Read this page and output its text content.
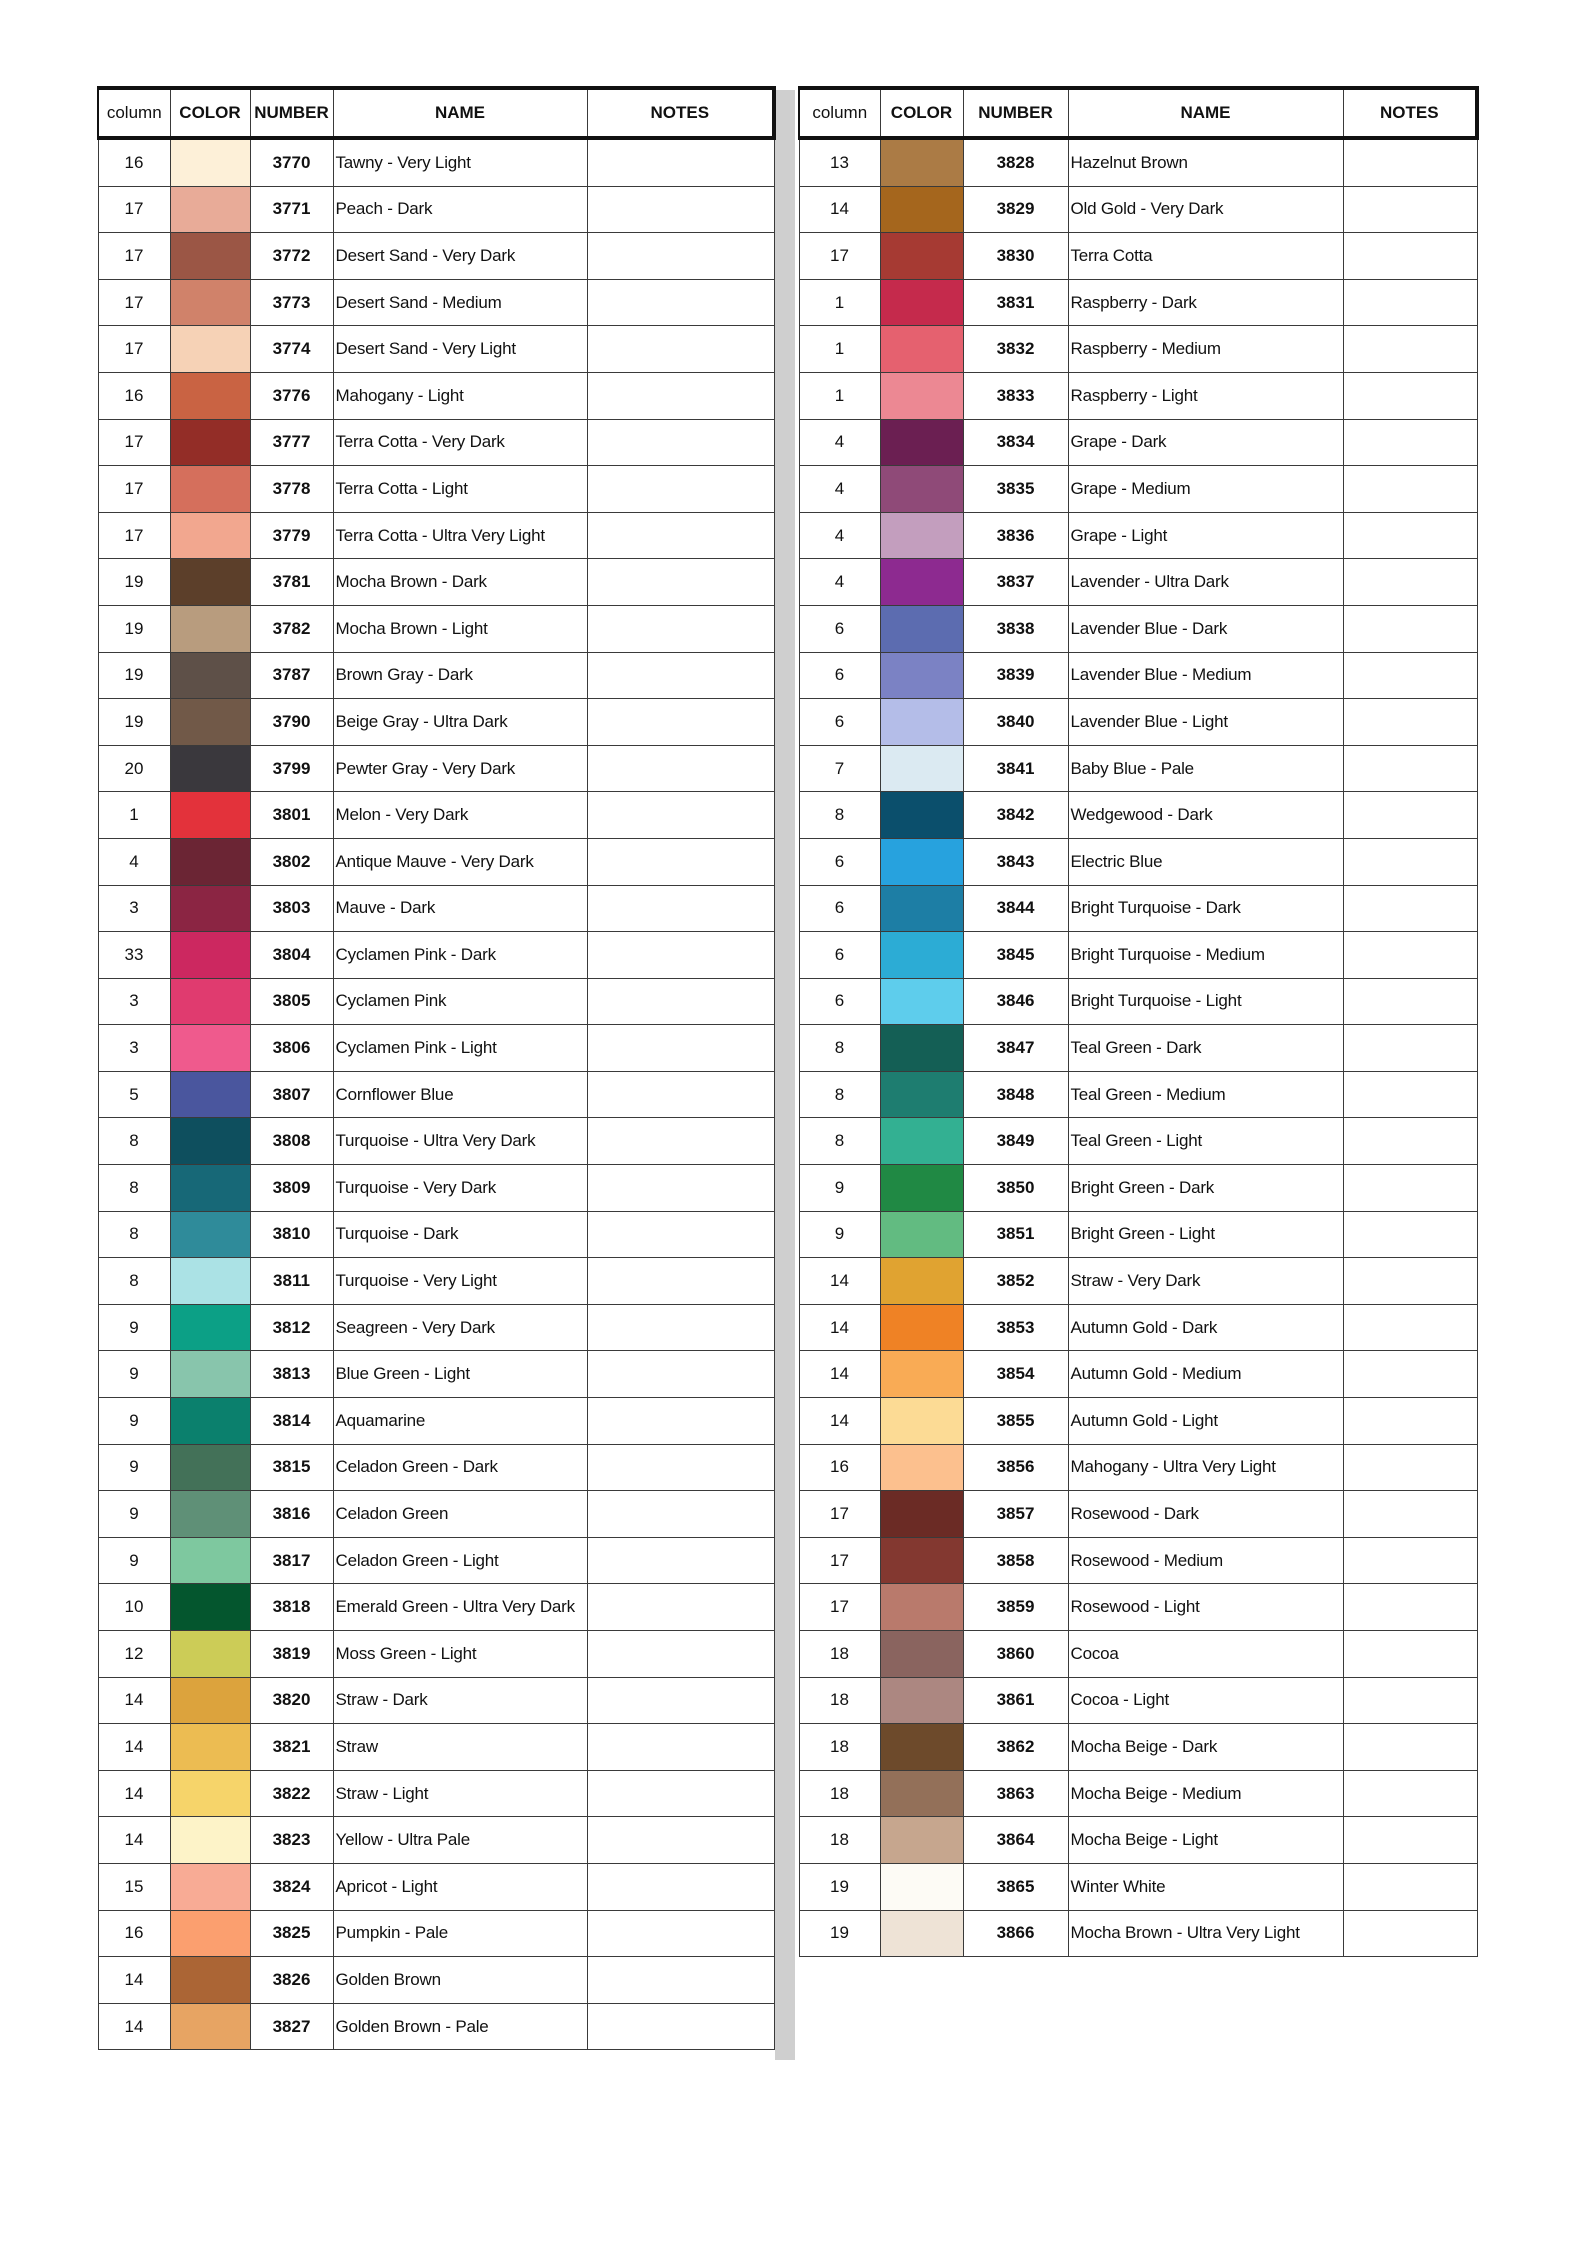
column	COLOR	NUMBER	NAME	NOTES
16		3770	Tawny - Very Light	
17		3771	Peach - Dark	
17		3772	Desert Sand - Very Dark	
17		3773	Desert Sand - Medium	
17		3774	Desert Sand - Very Light	
16		3776	Mahogany - Light	
17		3777	Terra Cotta - Very Dark	
17		3778	Terra Cotta - Light	
17		3779	Terra Cotta - Ultra Very Light	
19		3781	Mocha Brown - Dark	
19		3782	Mocha Brown - Light	
19		3787	Brown Gray - Dark	
19		3790	Beige Gray - Ultra Dark	
20		3799	Pewter Gray - Very Dark	
1		3801	Melon - Very Dark	
4		3802	Antique Mauve - Very Dark	
3		3803	Mauve - Dark	
33		3804	Cyclamen Pink - Dark	
3		3805	Cyclamen Pink	
3		3806	Cyclamen Pink - Light	
5		3807	Cornflower Blue	
8		3808	Turquoise - Ultra Very Dark	
8		3809	Turquoise - Very Dark	
8		3810	Turquoise - Dark	
8		3811	Turquoise - Very Light	
9		3812	Seagreen - Very Dark	
9		3813	Blue Green - Light	
9		3814	Aquamarine	
9		3815	Celadon Green - Dark	
9		3816	Celadon Green	
9		3817	Celadon Green - Light	
10		3818	Emerald Green - Ultra Very Dark	
12		3819	Moss Green - Light	
14		3820	Straw - Dark	
14		3821	Straw	
14		3822	Straw - Light	
14		3823	Yellow - Ultra Pale	
15		3824	Apricot - Light	
16		3825	Pumpkin - Pale	
14		3826	Golden Brown	
14		3827	Golden Brown - Pale	
column	COLOR	NUMBER	NAME	NOTES
13		3828	Hazelnut Brown	
14		3829	Old Gold - Very Dark	
17		3830	Terra Cotta	
1		3831	Raspberry - Dark	
1		3832	Raspberry - Medium	
1		3833	Raspberry - Light	
4		3834	Grape - Dark	
4		3835	Grape - Medium	
4		3836	Grape - Light	
4		3837	Lavender - Ultra Dark	
6		3838	Lavender Blue - Dark	
6		3839	Lavender Blue - Medium	
6		3840	Lavender Blue - Light	
7		3841	Baby Blue - Pale	
8		3842	Wedgewood - Dark	
6		3843	Electric Blue	
6		3844	Bright Turquoise - Dark	
6		3845	Bright Turquoise - Medium	
6		3846	Bright Turquoise - Light	
8		3847	Teal Green - Dark	
8		3848	Teal Green - Medium	
8		3849	Teal Green - Light	
9		3850	Bright Green - Dark	
9		3851	Bright Green - Light	
14		3852	Straw - Very Dark	
14		3853	Autumn Gold - Dark	
14		3854	Autumn Gold - Medium	
14		3855	Autumn Gold - Light	
16		3856	Mahogany - Ultra Very Light	
17		3857	Rosewood - Dark	
17		3858	Rosewood - Medium	
17		3859	Rosewood - Light	
18		3860	Cocoa	
18		3861	Cocoa - Light	
18		3862	Mocha Beige - Dark	
18		3863	Mocha Beige - Medium	
18		3864	Mocha Beige - Light	
19		3865	Winter White	
19		3866	Mocha Brown - Ultra Very Light	
